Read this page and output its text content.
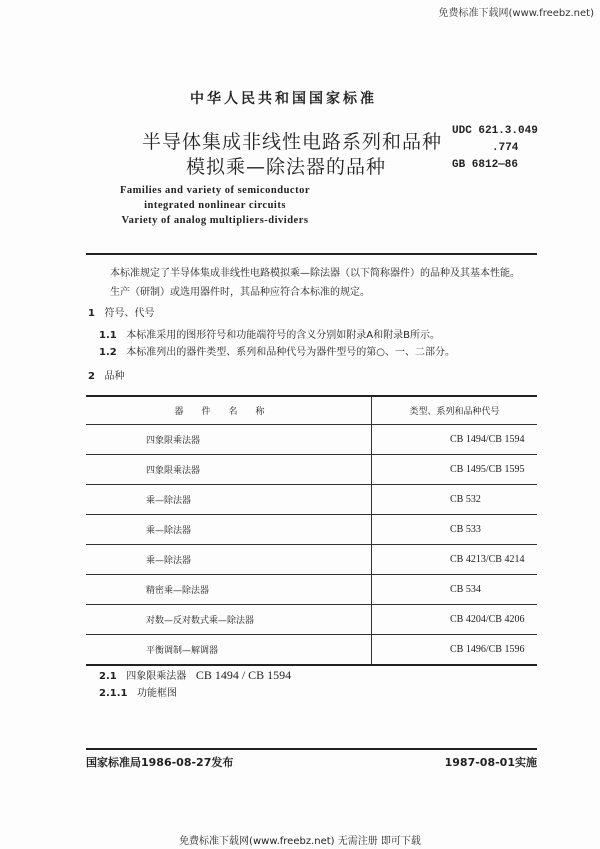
免费标准下载网(www.freebz.net)
中华人民共和国国家标准
半导体集成非线性电路系列和品种
模拟乘—除法器的品种
UDC 621.3.049
.774
GB 6812—86
Families and variety of semiconductor
integrated nonlinear circuits
Variety of analog multipliers-dividers
本标准规定了半导体集成非线性电路模拟乘—除法器（以下简称器件）的品种及其基本性能。
生产（研制）或选用器件时，其品种应符合本标准的规定。
1 符号、代号
1.1 本标准采用的图形符号和功能端符号的含义分别如附录A和附录B所示。
1.2 本标准列出的器件类型、系列和品种代号为器件型号的第○、一、二部分。
2 品种
器件名称	类型、系列和品种代号
四象限乘法器	CB 1494/CB 1594
四象限乘法器	CB 1495/CB 1595
乘—除法器	CB 532
乘—除法器	CB 533
乘—除法器	CB 4213/CB 4214
精密乘—除法器	CB 534
对数—反对数式乘—除法器	CB 4204/CB 4206
平衡调制—解调器	CB 1496/CB 1596
2.1 四象限乘法器 CB 1494 / CB 1594
2.1.1 功能框图
国家标准局1986-08-27发布	1987-08-01实施
免费标准下载网(www.freebz.net) 无需注册 即可下载
